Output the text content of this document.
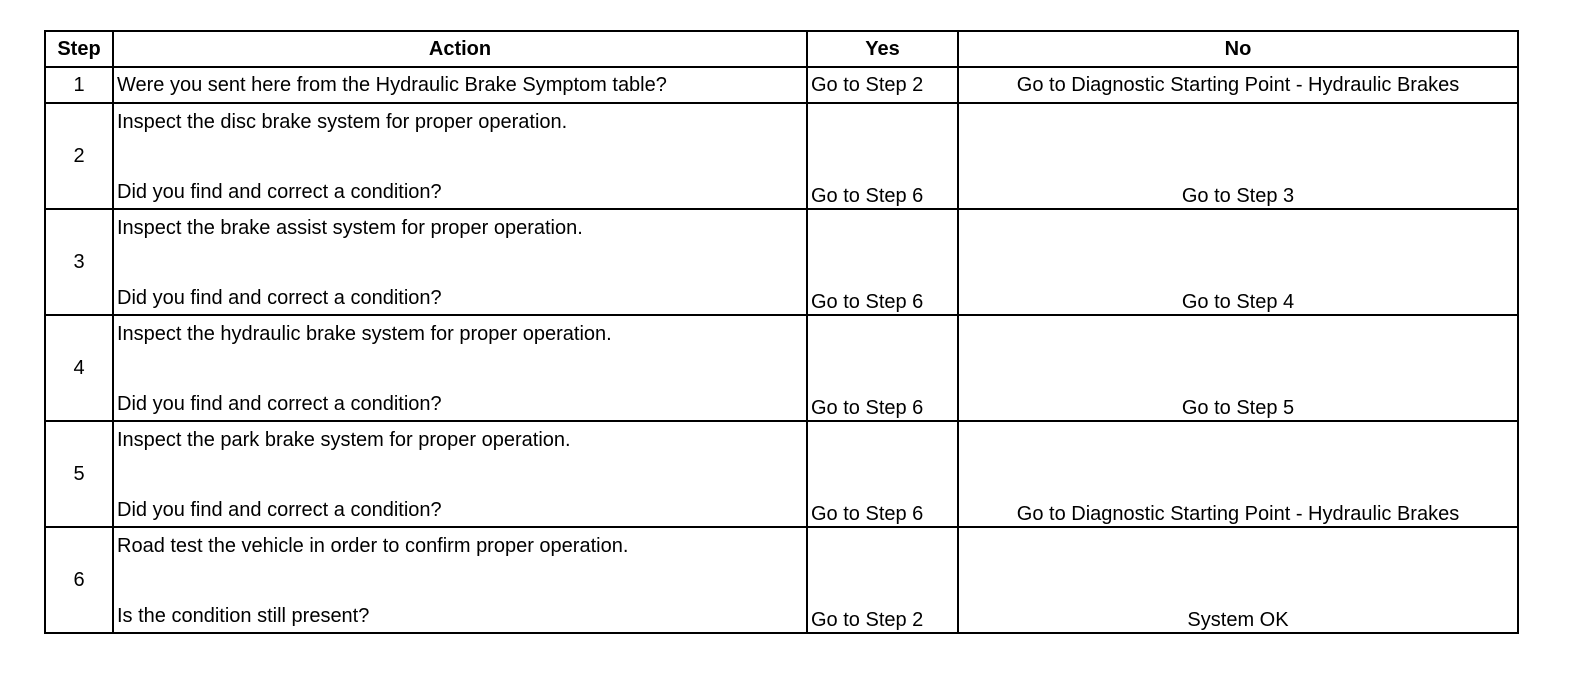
Step	Action	Yes	No
1	Were you sent here from the Hydraulic Brake Symptom table?	Go to Step 2	Go to Diagnostic Starting Point - Hydraulic Brakes
2	Inspect the disc brake system for proper operation.
Did you find and correct a condition?	Go to Step 6	Go to Step 3
3	Inspect the brake assist system for proper operation.
Did you find and correct a condition?	Go to Step 6	Go to Step 4
4	Inspect the hydraulic brake system for proper operation.
Did you find and correct a condition?	Go to Step 6	Go to Step 5
5	Inspect the park brake system for proper operation.
Did you find and correct a condition?	Go to Step 6	Go to Diagnostic Starting Point - Hydraulic Brakes
6	Road test the vehicle in order to confirm proper operation.
Is the condition still present?	Go to Step 2	System OK
